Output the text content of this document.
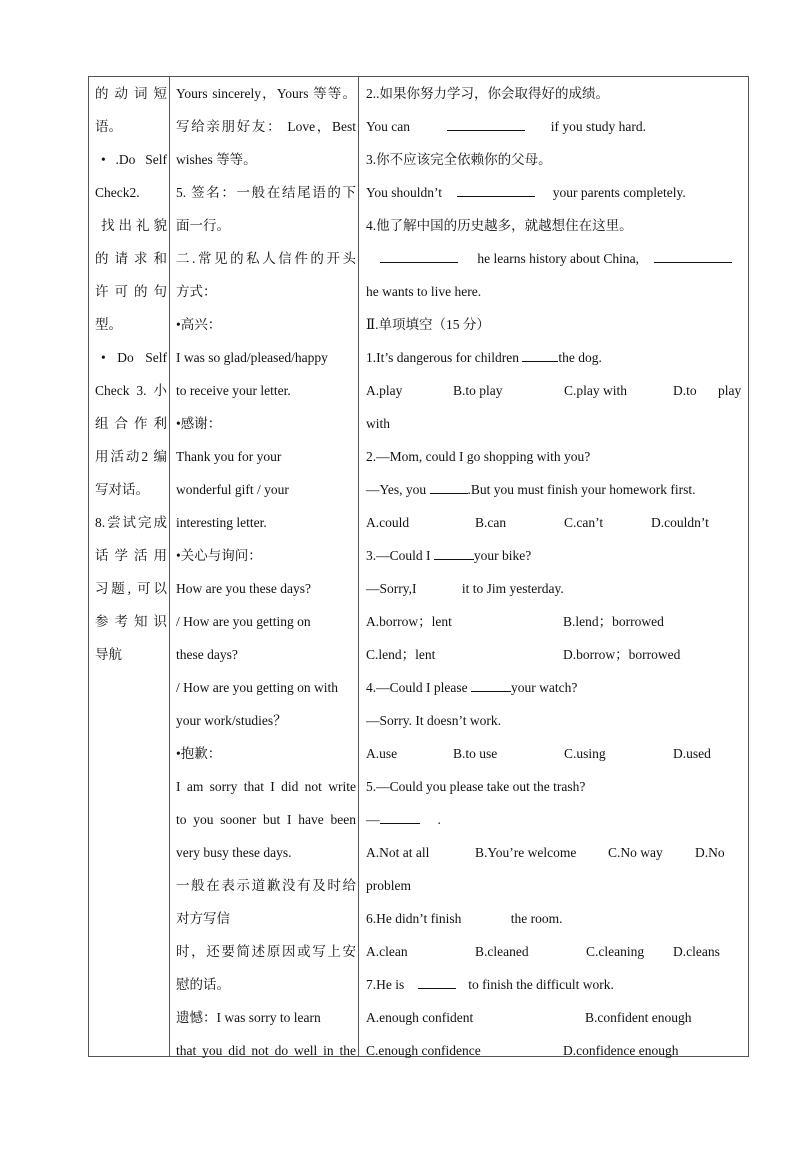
的 动 词 短
语。
• .Do Self
Check2.
找 出 礼 貌
的 请 求 和
许 可 的 句
型。
• Do Self
Check 3. 小
组 合 作 利
用活动2 编
写对话。
8.尝试完成
话 学 活 用
习题, 可以
参 考 知 识
导航
Yours sincerely，Yours 等等。
写给亲朋好友： Love，Best
wishes 等等。
5. 签名：一般在结尾语的下
面一行。
二.常见的私人信件的开头
方式：
•高兴：
I was so glad/pleased/happy
to receive your letter.
•感谢：
Thank you for your
wonderful gift / your
interesting letter.
•关心与询问：
How are you these days?
/ How are you getting on
these days?
/ How are you getting on with
your work/studies？
•抱歉：
I am sorry that I did not write
to you sooner but I have been
very busy these days.
一般在表示道歉没有及时给
对方写信
时，还要简述原因或写上安
慰的话。
遗憾：I was sorry to learn
that you did not do well in the
2..如果你努力学习，你会取得好的成绩。
You can	if you study hard.
3.你不应该完全依赖你的父母。
You shouldn’t	your parents completely.
4.他了解中国的历史越多，就越想住在这里。
he learns history about China,
he wants to live here.
Ⅱ.单项填空（15 分）
1.It’s dangerous for children	the dog.
A.play	B.to play	C.play with	D.to play
with
2.—Mom, could I go shopping with you?
—Yes, you	.But you must finish your homework first.
A.could	B.can	C.can’t	D.couldn’t
3.—Could I	your bike?
—Sorry,I	it to Jim yesterday.
A.borrow；lent	B.lend；borrowed
C.lend；lent	D.borrow；borrowed
4.—Could I please	your watch?
—Sorry. It doesn’t work.
A.use	B.to use	C.using	D.used
5.—Could you please take out the trash?
—	.
A.Not at all	B.You’re welcome C.No way D.No
problem
6.He didn’t finish	the room.
A.clean	B.cleaned	C.cleaning D.cleans
7.He is	to finish the difficult work.
A.enough confident	B.confident enough
C.enough confidence	D.confidence enough
